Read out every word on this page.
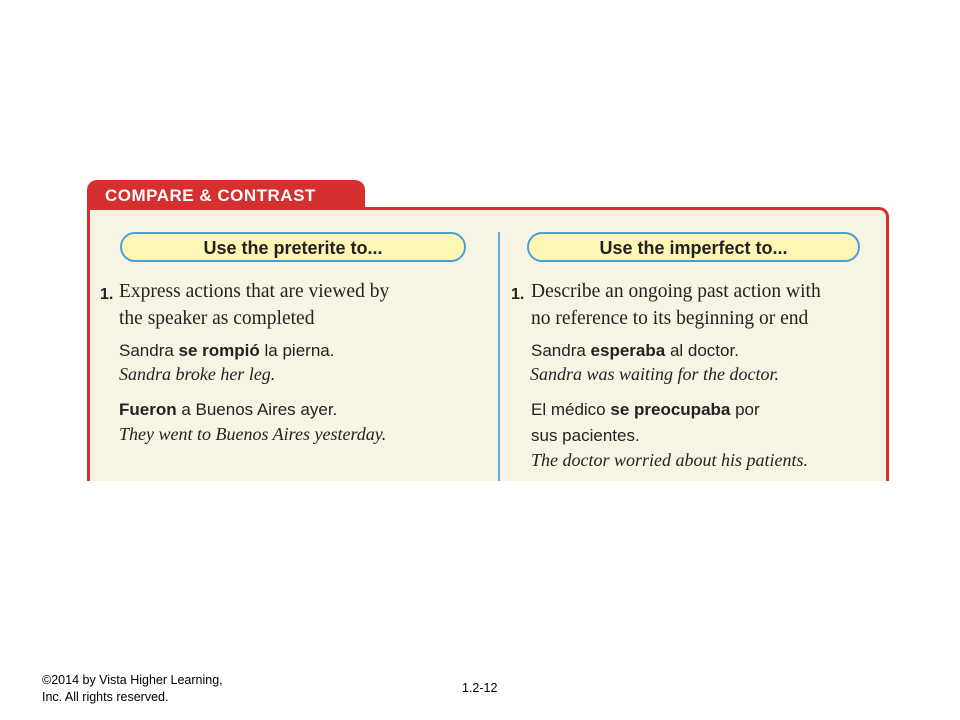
COMPARE & CONTRAST
Use the preterite to...
1. Express actions that are viewed by
the speaker as completed
Sandra se rompió la pierna.
Sandra broke her leg.
Fueron a Buenos Aires ayer.
They went to Buenos Aires yesterday.
Use the imperfect to...
1. Describe an ongoing past action with
no reference to its beginning or end
Sandra esperaba al doctor.
Sandra was waiting for the doctor.
El médico se preocupaba por
sus pacientes.
The doctor worried about his patients.
©2014 by Vista Higher Learning,
Inc. All rights reserved.
1.2-12
